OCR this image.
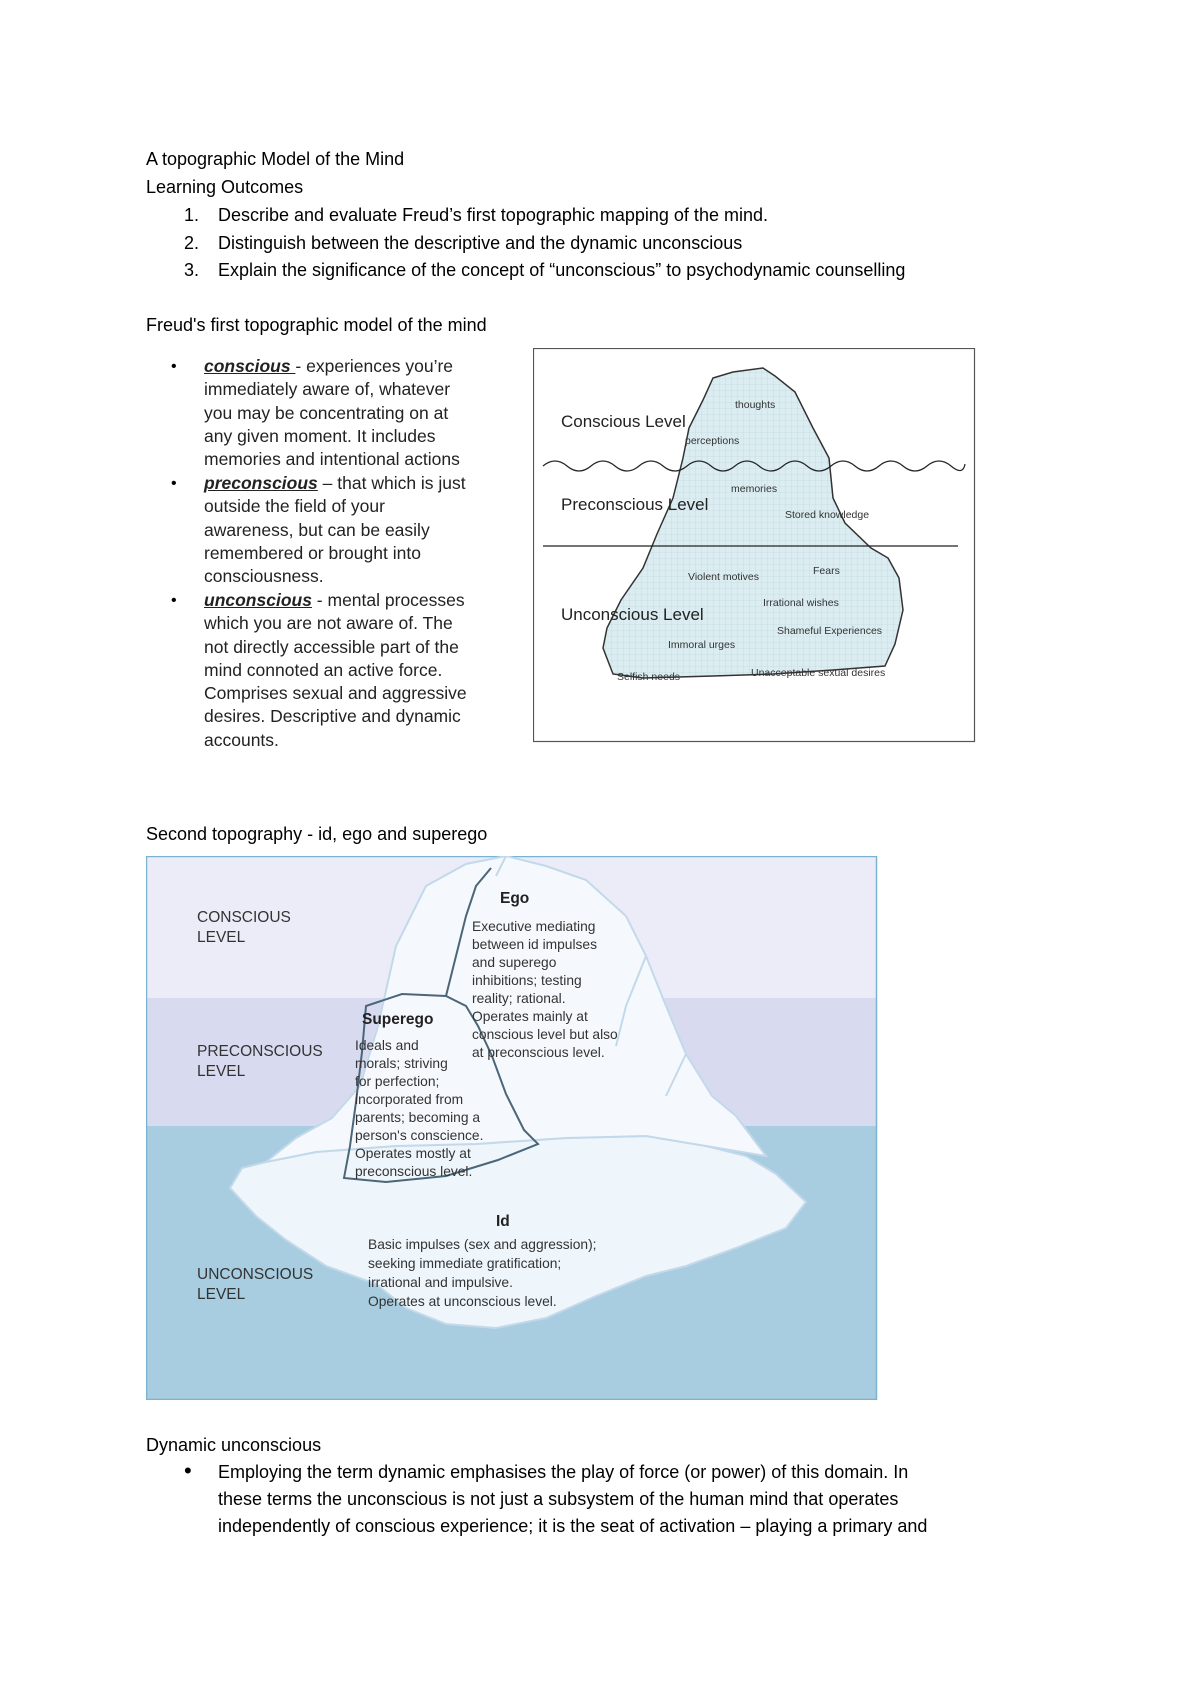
A topographic Model of the Mind
Learning Outcomes
1. Describe and evaluate Freud’s first topographic mapping of the mind.
2. Distinguish between the descriptive and the dynamic unconscious
3. Explain the significance of the concept of “unconscious” to psychodynamic counselling
Freud's first topographic model of the mind
• conscious - experiences you’re

immediately aware of, whatever

you may be concentrating on at

any given moment. It includes

memories and intentional actions

• preconscious – that which is just

outside the field of your

awareness, but can be easily

remembered or brought into

consciousness.

• unconscious - mental processes

which you are not aware of. The

not directly accessible part of the

mind connoted an active force.

Comprises sexual and aggressive

desires. Descriptive and dynamic

accounts.

Conscious Level
Preconscious Level
Unconscious Level
thoughts
perceptions
memories
Stored knowledge
Violent motives	Fears
Irrational wishes
Shameful Experiences
Immoral urges
Selfish needs	Unacceptable sexual desires
Second topography - id, ego and superego
CONSCIOUS
LEVEL
PRECONSCIOUS
LEVEL
UNCONSCIOUS
LEVEL
Ego
Executive mediating
between id impulses
and superego
inhibitions; testing
reality; rational.
Operates mainly at
conscious level but also
at preconscious level.
Superego
Ideals and
morals; striving
for perfection;
incorporated from
parents; becoming a
person's conscience.
Operates mostly at
preconscious level.
Id
Basic impulses (sex and aggression);
seeking immediate gratification;
irrational and impulsive.
Operates at unconscious level.
Dynamic unconscious
• Employing the term dynamic emphasises the play of force (or power) of this domain. In
these terms the unconscious is not just a subsystem of the human mind that operates
independently of conscious experience; it is the seat of activation – playing a primary and
